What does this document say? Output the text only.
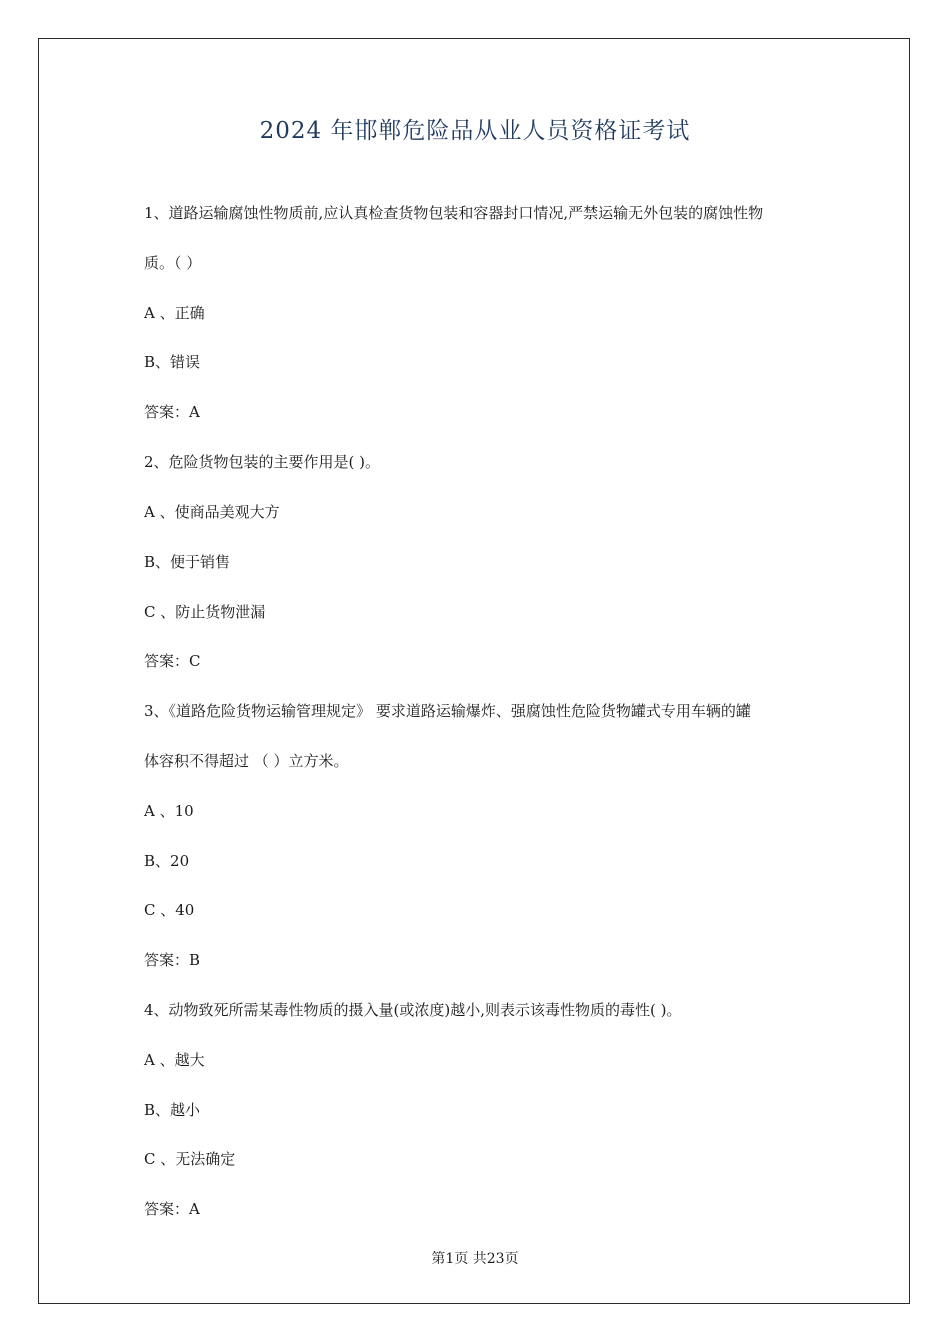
2024 年邯郸危险品从业人员资格证考试
1、道路运输腐蚀性物质前,应认真检查货物包装和容器封口情况,严禁运输无外包装的腐蚀性物
质。（ ）
A 、正确
B、错误
答案：A
2、危险货物包装的主要作用是( )。
A 、使商品美观大方
B、便于销售
C 、防止货物泄漏
答案：C
3、《道路危险货物运输管理规定》 要求道路运输爆炸、强腐蚀性危险货物罐式专用车辆的罐
体容积不得超过 （ ）立方米。
A 、10
B、20
C 、40
答案：B
4、动物致死所需某毒性物质的摄入量(或浓度)越小,则表示该毒性物质的毒性( )。
A 、越大
B、越小
C 、无法确定
答案：A
第1页 共23页
